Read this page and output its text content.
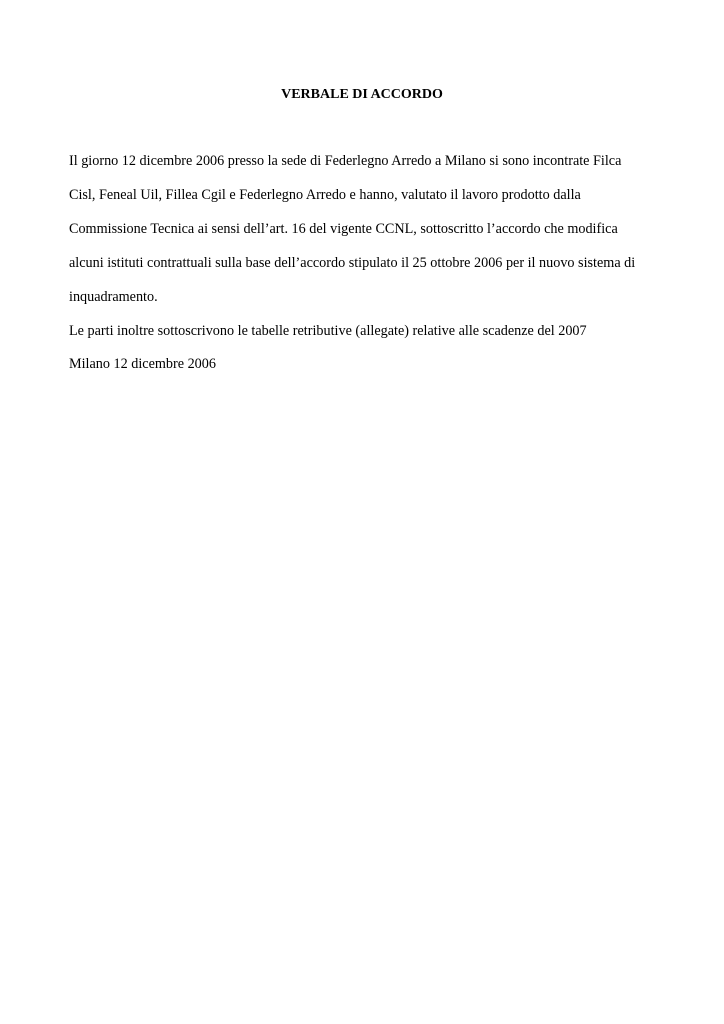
VERBALE DI ACCORDO
Il giorno 12 dicembre 2006 presso la sede di Federlegno Arredo a Milano si sono incontrate Filca
Cisl, Feneal Uil, Fillea Cgil e Federlegno Arredo e hanno, valutato il lavoro prodotto dalla
Commissione Tecnica ai sensi dell’art. 16 del vigente CCNL, sottoscritto l’accordo che modifica
alcuni istituti contrattuali sulla base dell’accordo stipulato il 25 ottobre 2006 per il nuovo sistema di
inquadramento.
Le parti inoltre sottoscrivono le tabelle retributive (allegate) relative alle scadenze del 2007
Milano 12 dicembre 2006
